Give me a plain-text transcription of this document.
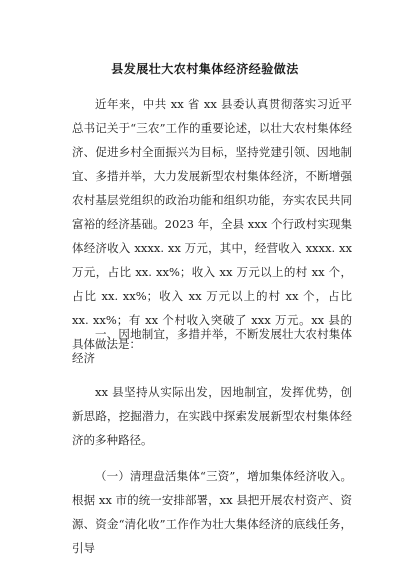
县发展壮大农村集体经济经验做法

近年来，中共 xx 省 xx 县委认真贯彻落实习近平总书记关于“三农”工作的重要论述，以壮大农村集体经济、促进乡村全面振兴为目标，坚持党建引领、因地制宜、多措并举，大力发展新型农村集体经济，不断增强农村基层党组织的政治功能和组织功能，夯实农民共同富裕的经济基础。2023 年，全县 xxx 个行政村实现集体经济收入 xxxx. xx 万元，其中，经营收入 xxxx. xx 万元，占比 xx. xx%；收入 xx 万元以上的村 xx 个，占比 xx. xx%；收入 xx 万元以上的村 xx 个，占比 xx. xx%；有 xx 个村收入突破了 xxx 万元。xx 县的具体做法是：

一、因地制宜，多措并举，不断发展壮大农村集体经济

xx 县坚持从实际出发，因地制宜，发挥优势，创新思路，挖掘潜力，在实践中探索发展新型农村集体经济的多种路径。

（一）清理盘活集体“三资”，增加集体经济收入。根据 xx 市的统一安排部署，xx 县把开展农村资产、资源、资金“清化收”工作作为壮大集体经济的底线任务，引导
